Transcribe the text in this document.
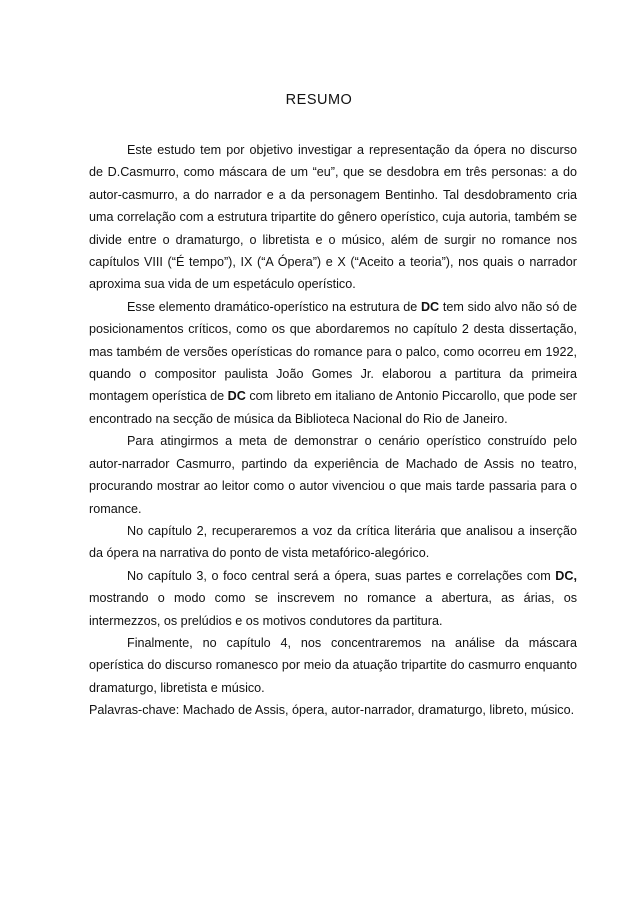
RESUMO

Este estudo tem por objetivo investigar a representação da ópera no discurso de D.Casmurro, como máscara de um “eu”, que se desdobra em três personas: a do autor-casmurro, a do narrador e a da personagem Bentinho. Tal desdobramento cria uma correlação com a estrutura tripartite do gênero operístico, cuja autoria, também se divide entre o dramaturgo, o libretista e o músico, além de surgir no romance nos capítulos VIII (“É tempo”), IX (“A Ópera”) e X (“Aceito a teoria”), nos quais o narrador aproxima sua vida de um espetáculo operístico.

Esse elemento dramático-operístico na estrutura de DC tem sido alvo não só de posicionamentos críticos, como os que abordaremos no capítulo 2 desta dissertação, mas também de versões operísticas do romance para o palco, como ocorreu em 1922, quando o compositor paulista João Gomes Jr. elaborou a partitura da primeira montagem operística de DC com libreto em italiano de Antonio Piccarollo, que pode ser encontrado na secção de música da Biblioteca Nacional do Rio de Janeiro.

Para atingirmos a meta de demonstrar o cenário operístico construído pelo autor-narrador Casmurro, partindo da experiência de Machado de Assis no teatro, procurando mostrar ao leitor como o autor vivenciou o que mais tarde passaria para o romance.

No capítulo 2, recuperaremos a voz da crítica literária que analisou a inserção da ópera na narrativa do ponto de vista metafórico-alegórico.

No capítulo 3, o foco central será a ópera, suas partes e correlações com DC, mostrando o modo como se inscrevem no romance a abertura, as árias, os intermezzos, os prelúdios e os motivos condutores da partitura.

Finalmente, no capítulo 4, nos concentraremos na análise da máscara operística do discurso romanesco por meio da atuação tripartite do casmurro enquanto dramaturgo, libretista e músico.

Palavras-chave: Machado de Assis, ópera, autor-narrador, dramaturgo, libreto, músico.
